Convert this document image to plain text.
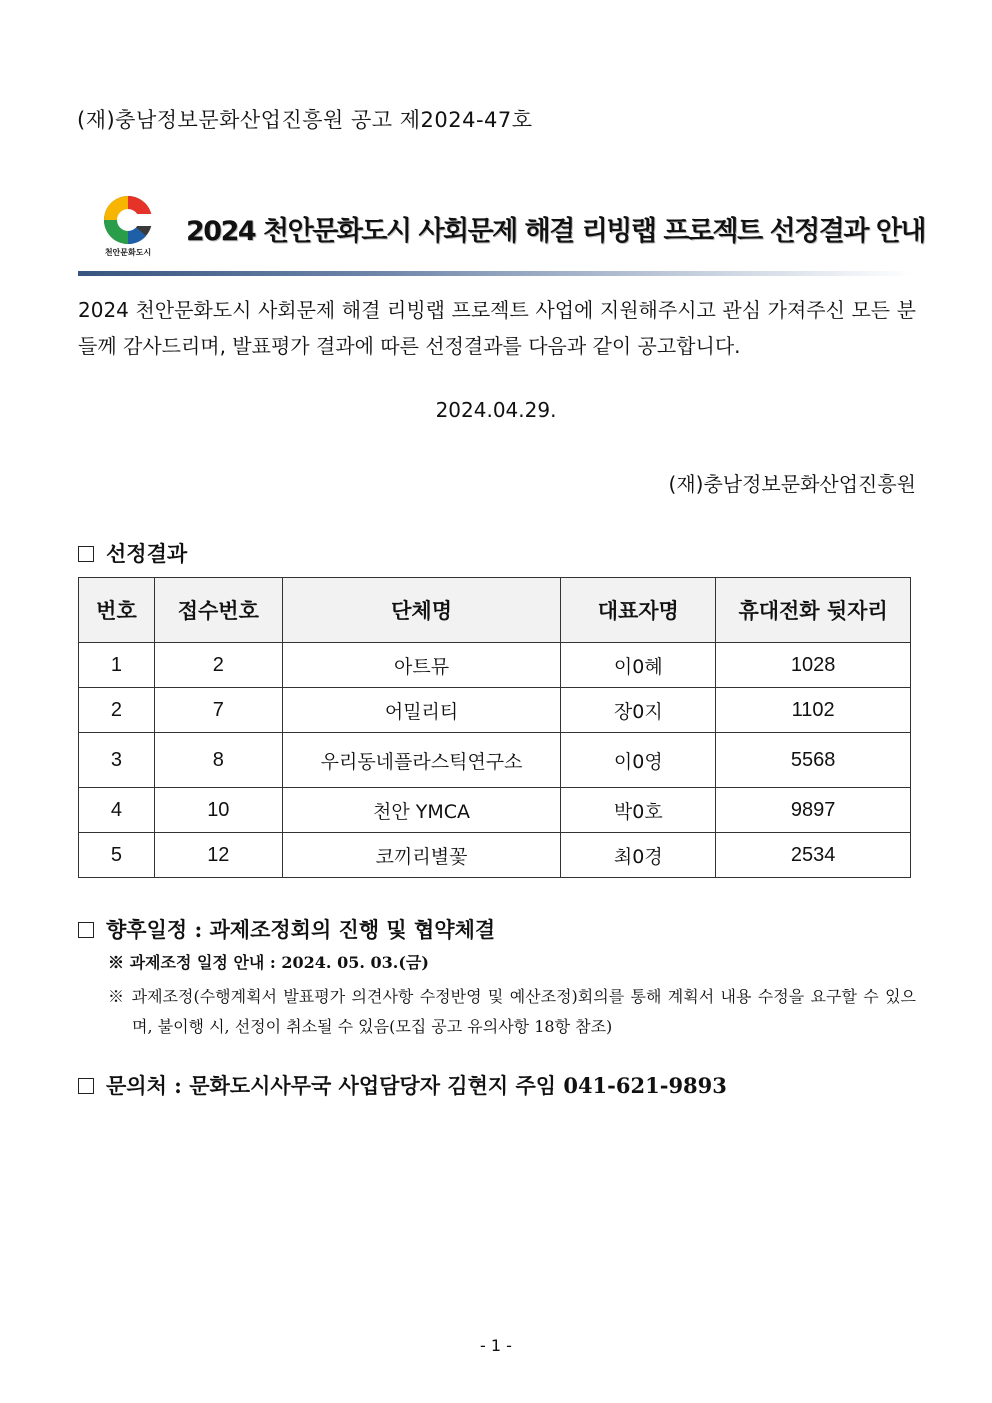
(재)충남정보문화산업진흥원 공고 제2024-47호
천안문화도시
2024 천안문화도시 사회문제 해결 리빙랩 프로젝트 선정결과 안내
2024 천안문화도시 사회문제 해결 리빙랩 프로젝트 사업에 지원해주시고 관심 가져주신 모든 분들께 감사드리며, 발표평가 결과에 따른 선정결과를 다음과 같이 공고합니다.
2024.04.29.
(재)충남정보문화산업진흥원
선정결과
번호	접수번호	단체명	대표자명	휴대전화 뒷자리
1	2	아트뮤	이0혜	1028
2	7	어밀리티	장0지	1102
3	8	우리동네플라스틱연구소	이0영	5568
4	10	천안 YMCA	박0호	9897
5	12	코끼리별꽃	최0경	2534
향후일정 : 과제조정회의 진행 및 협약체결
※ 과제조정 일정 안내 : 2024. 05. 03.(금)
※ 과제조정(수행계획서 발표평가 의견사항 수정반영 및 예산조정)회의를 통해 계획서 내용 수정을 요구할 수 있으며, 불이행 시, 선정이 취소될 수 있음(모집 공고 유의사항 18항 참조)
문의처 : 문화도시사무국 사업담당자 김현지 주임 041-621-9893
- 1 -
